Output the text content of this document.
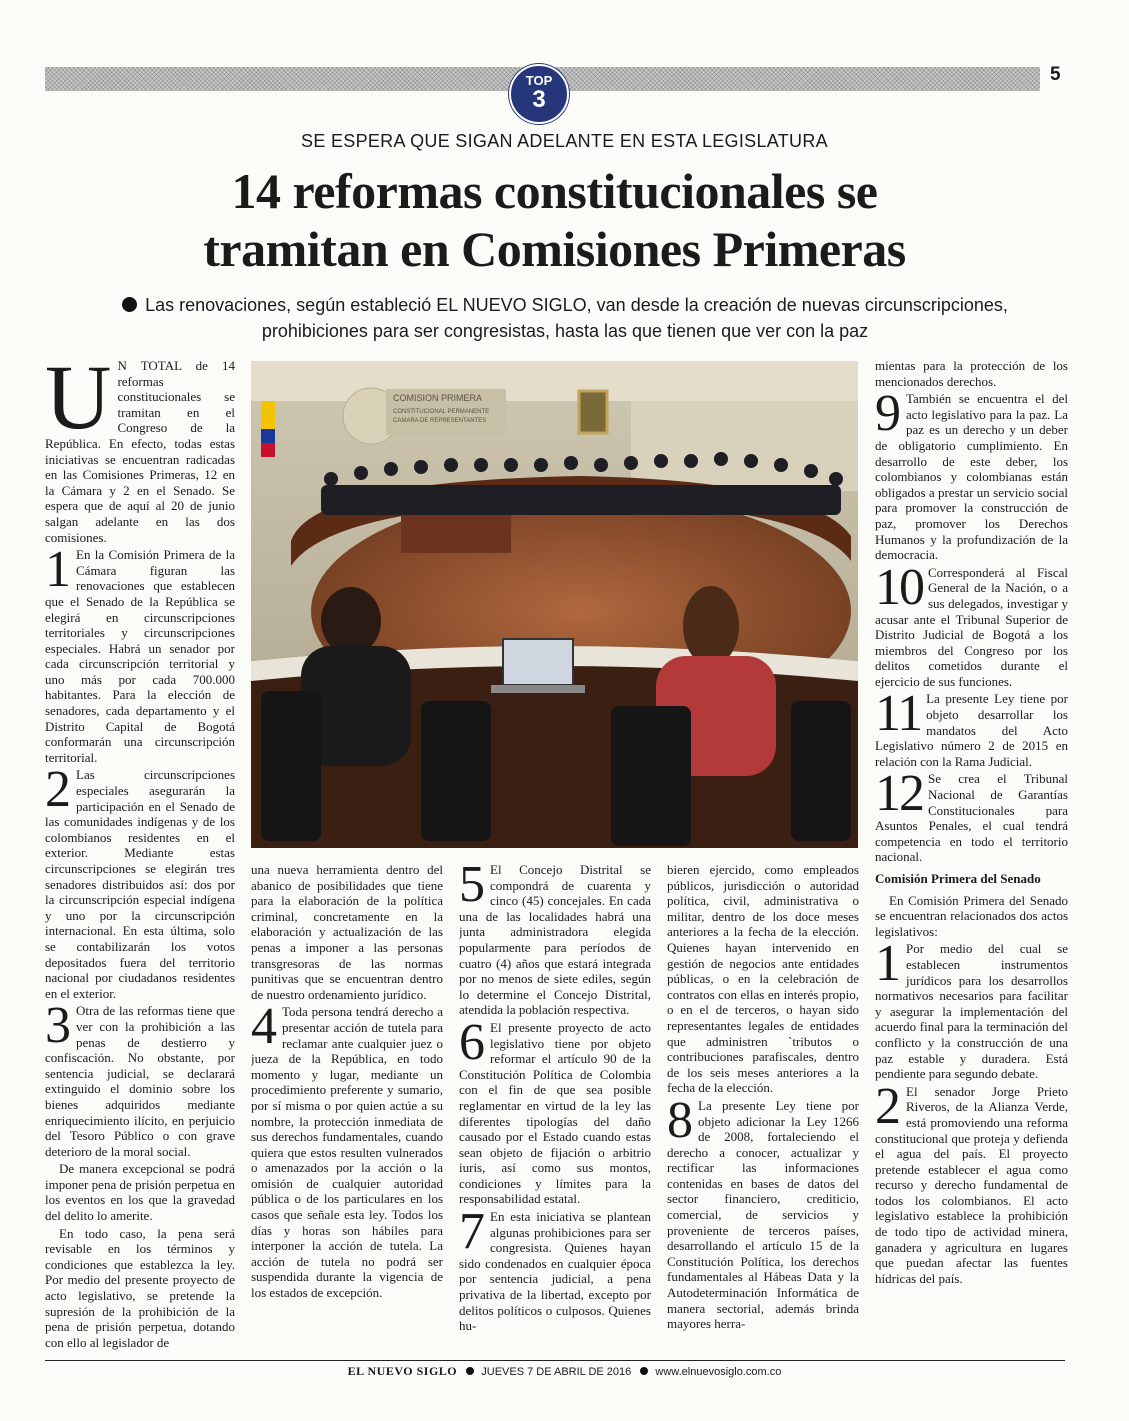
TOP
3
5
SE ESPERA QUE SIGAN ADELANTE EN ESTA LEGISLATURA
14 reformas constitucionales se
tramitan en Comisiones Primeras
Las renovaciones, según estableció EL NUEVO SIGLO, van desde la creación de nuevas circunscripciones,
prohibiciones para ser congresistas, hasta las que tienen que ver con la paz

U N TOTAL de 14 reformas constitucionales se tramitan en el Congreso de la República. En efecto, todas estas iniciativas se encuentran radicadas en las Comisiones Primeras, 12 en la Cámara y 2 en el Senado. Se espera que de aquí al 20 de junio salgan adelante en las dos comisiones.

1 En la Comisión Primera de la Cámara figuran las renovaciones que establecen que el Senado de la República se elegirá en circunscripciones territoriales y circunscripciones especiales. Habrá un senador por cada circunscripción territorial y uno más por cada 700.000 habitantes. Para la elección de senadores, cada departamento y el Distrito Capital de Bogotá conformarán una circunscripción territorial.

2 Las circunscripciones especiales asegurarán la participación en el Senado de las comunidades indígenas y de los colombianos residentes en el exterior. Mediante estas circunscripciones se elegirán tres senadores distribuidos así: dos por la circunscripción especial indígena y uno por la circunscripción internacional. En esta última, solo se contabilizarán los votos depositados fuera del territorio nacional por ciudadanos residentes en el exterior.

3 Otra de las reformas tiene que ver con la prohibición a las penas de destierro y confiscación. No obstante, por sentencia judicial, se declarará extinguido el dominio sobre los bienes adquiridos mediante enriquecimiento ilícito, en perjuicio del Tesoro Público o con grave deterioro de la moral social.

De manera excepcional se podrá imponer pena de prisión perpetua en los eventos en los que la gravedad del delito lo amerite.

En todo caso, la pena será revisable en los términos y condiciones que establezca la ley. Por medio del presente proyecto de acto legislativo, se pretende la supresión de la prohibición de la pena de prisión perpetua, dotando con ello al legislador de

COMISION PRIMERA
CONSTITUCIONAL PERMANENTE
CAMARA DE REPRESENTANTES

una nueva herramienta dentro del abanico de posibilidades que tiene para la elaboración de la política criminal, concretamente en la elaboración y actualización de las penas a imponer a las personas transgresoras de las normas punitivas que se encuentran dentro de nuestro ordenamiento jurídico.

4 Toda persona tendrá derecho a presentar acción de tutela para reclamar ante cualquier juez o jueza de la República, en todo momento y lugar, mediante un procedimiento preferente y sumario, por sí misma o por quien actúe a su nombre, la protección inmediata de sus derechos fundamentales, cuando quiera que estos resulten vulnerados o amenazados por la acción o la omisión de cualquier autoridad pública o de los particulares en los casos que señale esta ley. Todos los días y horas son hábiles para interponer la acción de tutela. La acción de tutela no podrá ser suspendida durante la vigencia de los estados de excepción.

5 El Concejo Distrital se compondrá de cuarenta y cinco (45) concejales. En cada una de las localidades habrá una junta administradora elegida popularmente para períodos de cuatro (4) años que estará integrada por no menos de siete ediles, según lo determine el Concejo Distrital, atendida la población respectiva.

6 El presente proyecto de acto legislativo tiene por objeto reformar el artículo 90 de la Constitución Política de Colombia con el fin de que sea posible reglamentar en virtud de la ley las diferentes tipologías del daño causado por el Estado cuando estas sean objeto de fijación o arbitrio iuris, así como sus montos, condiciones y límites para la responsabilidad estatal.

7 En esta iniciativa se plantean algunas prohibiciones para ser congresista. Quienes hayan sido condenados en cualquier época por sentencia judicial, a pena privativa de la libertad, excepto por delitos políticos o culposos. Quienes hu-

bieren ejercido, como empleados públicos, jurisdicción o autoridad política, civil, administrativa o militar, dentro de los doce meses anteriores a la fecha de la elección. Quienes hayan intervenido en gestión de negocios ante entidades públicas, o en la celebración de contratos con ellas en interés propio, o en el de terceros, o hayan sido representantes legales de entidades que administren `tributos o contribuciones parafiscales, dentro de los seis meses anteriores a la fecha de la elección.

8 La presente Ley tiene por objeto adicionar la Ley 1266 de 2008, fortaleciendo el derecho a conocer, actualizar y rectificar las informaciones contenidas en bases de datos del sector financiero, crediticio, comercial, de servicios y proveniente de terceros países, desarrollando el artículo 15 de la Constitución Política, los derechos fundamentales al Hábeas Data y la Autodeterminación Informática de manera sectorial, además brinda mayores herra-

mientas para la protección de los mencionados derechos.

9 También se encuentra el del acto legislativo para la paz. La paz es un derecho y un deber de obligatorio cumplimiento. En desarrollo de este deber, los colombianos y colombianas están obligados a prestar un servicio social para promover la construcción de paz, promover los Derechos Humanos y la profundización de la democracia.

10 Corresponderá al Fiscal General de la Nación, o a sus delegados, investigar y acusar ante el Tribunal Superior de Distrito Judicial de Bogotá a los miembros del Congreso por los delitos cometidos durante el ejercicio de sus funciones.

11 La presente Ley tiene por objeto desarrollar los mandatos del Acto Legislativo número 2 de 2015 en relación con la Rama Judicial.

12 Se crea el Tribunal Nacional de Garantías Constitucionales para Asuntos Penales, el cual tendrá competencia en todo el territorio nacional.

Comisión Primera del Senado

En Comisión Primera del Senado se encuentran relacionados dos actos legislativos:

1 Por medio del cual se establecen instrumentos jurídicos para los desarrollos normativos necesarios para facilitar y asegurar la implementación del acuerdo final para la terminación del conflicto y la construcción de una paz estable y duradera. Está pendiente para segundo debate.

2 El senador Jorge Prieto Riveros, de la Alianza Verde, está promoviendo una reforma constitucional que proteja y defienda el agua del país. El proyecto pretende establecer el agua como recurso y derecho fundamental de todos los colombianos. El acto legislativo establece la prohibición de todo tipo de actividad minera, ganadera y agricultura en lugares que puedan afectar las fuentes hídricas del país.

EL NUEVO SIGLO JUEVES 7 DE ABRIL DE 2016 www.elnuevosiglo.com.co
